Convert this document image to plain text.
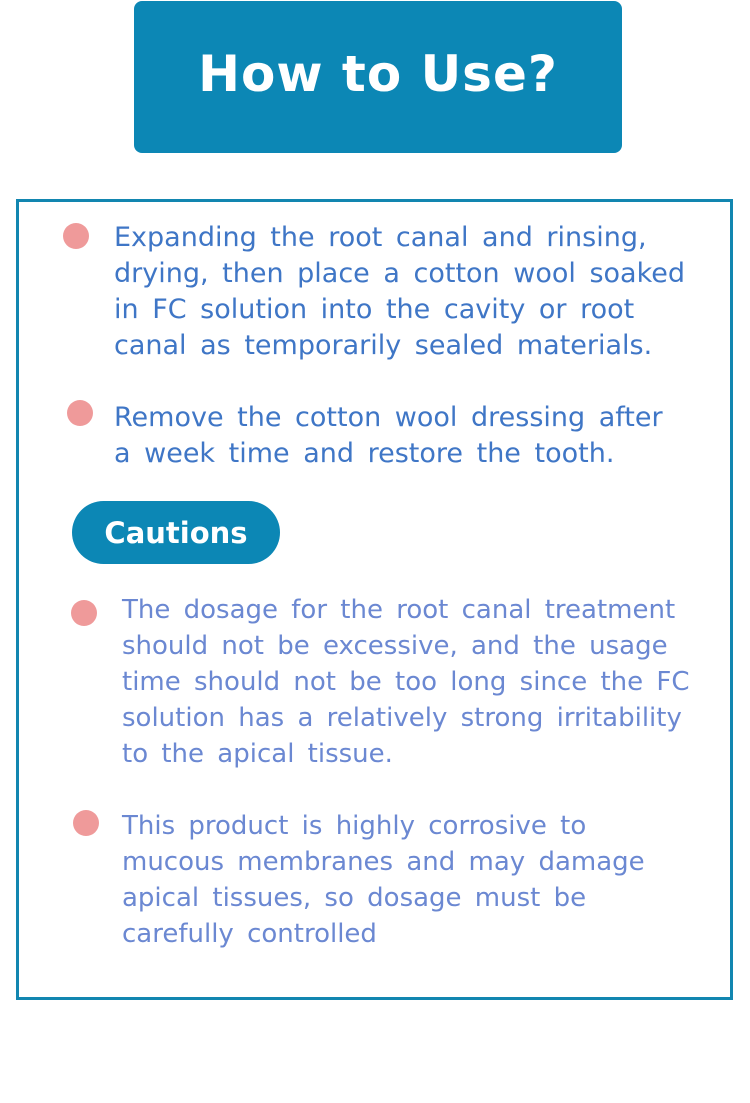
How to Use?
Expanding the root canal and rinsing,
drying, then place a cotton wool soaked
in FC solution into the cavity or root
canal as temporarily sealed materials.
Remove the cotton wool dressing after
a week time and restore the tooth.
Cautions
The dosage for the root canal treatment
should not be excessive, and the usage
time should not be too long since the FC
solution has a relatively strong irritability
to the apical tissue.
This product is highly corrosive to
mucous membranes and may damage
apical tissues, so dosage must be
carefully controlled
